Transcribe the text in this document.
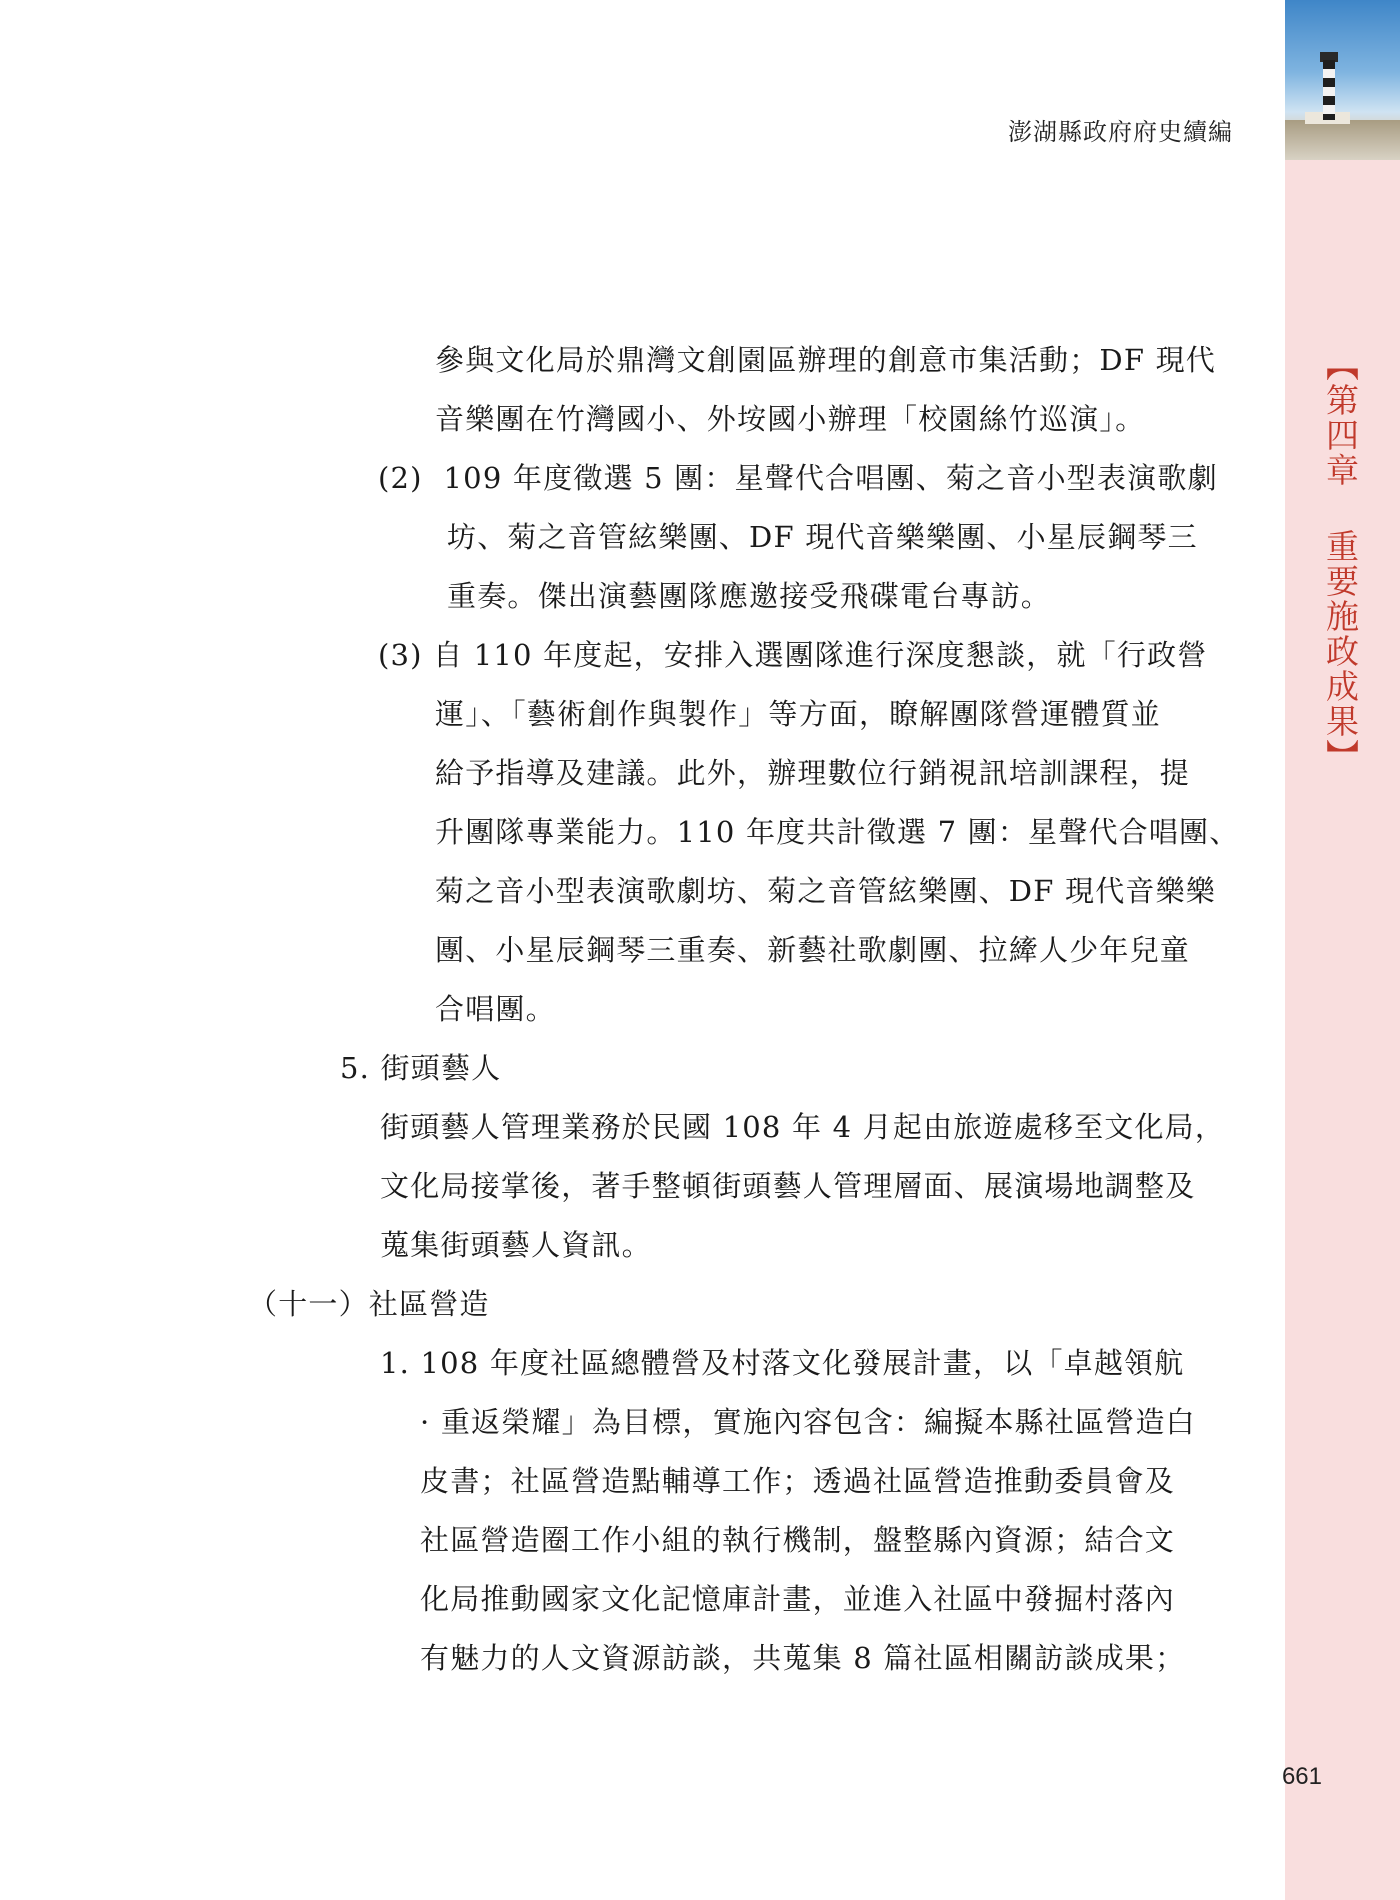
【第四章 重要施政成果】
澎湖縣政府府史續編
參與文化局於鼎灣文創園區辦理的創意市集活動；DF 現代
音樂團在竹灣國小、外垵國小辦理「校園絲竹巡演」。
(2)  109 年度徵選 5 團：星聲代合唱團、菊之音小型表演歌劇
坊、菊之音管絃樂團、DF 現代音樂樂團、小星辰鋼琴三
重奏。傑出演藝團隊應邀接受飛碟電台專訪。
(3) 自 110 年度起，安排入選團隊進行深度懇談，就「行政營
運」、「藝術創作與製作」等方面，瞭解團隊營運體質並
給予指導及建議。此外，辦理數位行銷視訊培訓課程，提
升團隊專業能力。110 年度共計徵選 7 團：星聲代合唱團、
菊之音小型表演歌劇坊、菊之音管絃樂團、DF 現代音樂樂
團、小星辰鋼琴三重奏、新藝社歌劇團、拉縴人少年兒童
合唱團。
5. 街頭藝人
街頭藝人管理業務於民國 108 年 4 月起由旅遊處移至文化局，
文化局接掌後，著手整頓街頭藝人管理層面、展演場地調整及
蒐集街頭藝人資訊。
（十一）社區營造
1. 108 年度社區總體營及村落文化發展計畫，以「卓越領航
· 重返榮耀」為目標，實施內容包含：編擬本縣社區營造白
皮書；社區營造點輔導工作；透過社區營造推動委員會及
社區營造圈工作小組的執行機制，盤整縣內資源；結合文
化局推動國家文化記憶庫計畫，並進入社區中發掘村落內
有魅力的人文資源訪談，共蒐集 8 篇社區相關訪談成果；
661
